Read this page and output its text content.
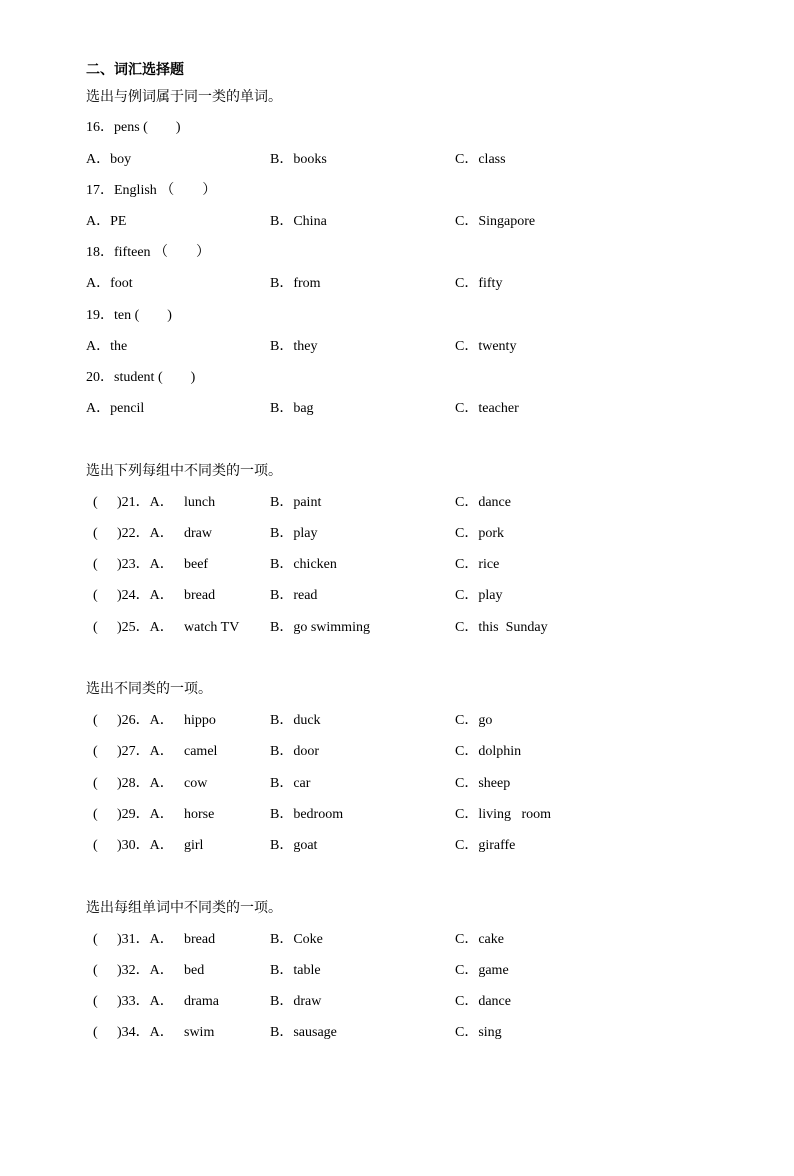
二、词汇选择题

选出与例词属于同一类的单词。

16．pens (　　)

A．boy

	B．books

	C．class

17．English （　　）

A．PE

	B．China

	C．Singapore

18．fifteen （　　）

A．foot

	B．from

	C．fifty

19．ten (　　)

A．the

	B．they

	C．twenty

20．student (　　)

A．pencil

	B．bag

	C．teacher

选出下列每组中不同类的一项。

(

)21．A．

lunch

	B．paint

	C．dance

(

)22．A．

draw

	B．play

	C．pork

(

)23．A．

beef

	B．chicken

	C．rice

(

)24．A．

bread

	B．read

	C．play

(

)25．A．

watch TV

B．go swimming

	C．this  Sunday

选出不同类的一项。

(

)26．A．

hippo

	B．duck

	C．go

(

)27．A．

camel

	B．door

	C．dolphin

(

)28．A．

cow

	B．car

	C．sheep

(

)29．A．

horse

	B．bedroom

	C．living   room

(

)30．A．

girl

	B．goat

	C．giraffe

选出每组单词中不同类的一项。

(

)31．A．

bread

	B．Coke

	C．cake

(

)32．A．

bed

	B．table

	C．game

(

)33．A．

drama

	B．draw

	C．dance

(

)34．A．

swim

	B．sausage

	C．sing
